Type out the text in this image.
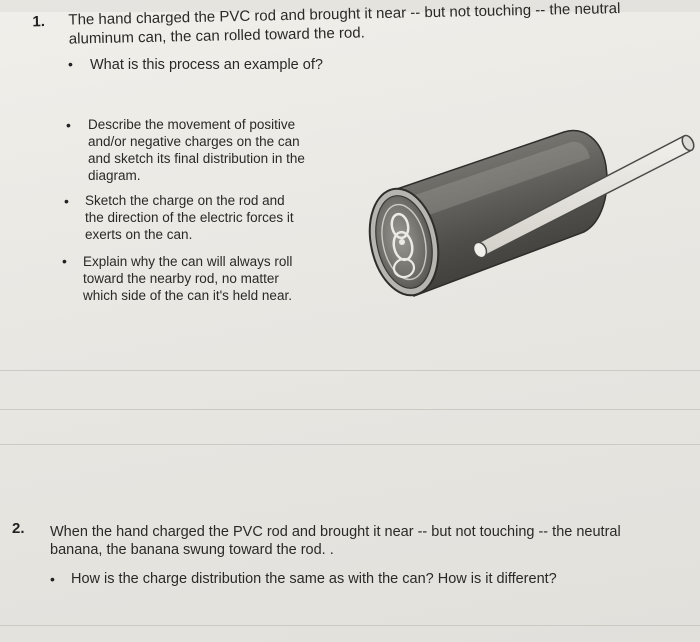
1. The hand charged the PVC rod and brought it near -- but not touching -- the neutral
aluminum can, the can rolled toward the rod.
• What is this process an example of?
• Describe the movement of positive
and/or negative charges on the can
and sketch its final distribution in the
diagram.
• Sketch the charge on the rod and
the direction of the electric forces it
exerts on the can.
• Explain why the can will always roll
toward the nearby rod, no matter
which side of the can it's held near.
2. When the hand charged the PVC rod and brought it near -- but not touching -- the neutral
banana, the banana swung toward the rod. .
• How is the charge distribution the same as with the can? How is it different?
